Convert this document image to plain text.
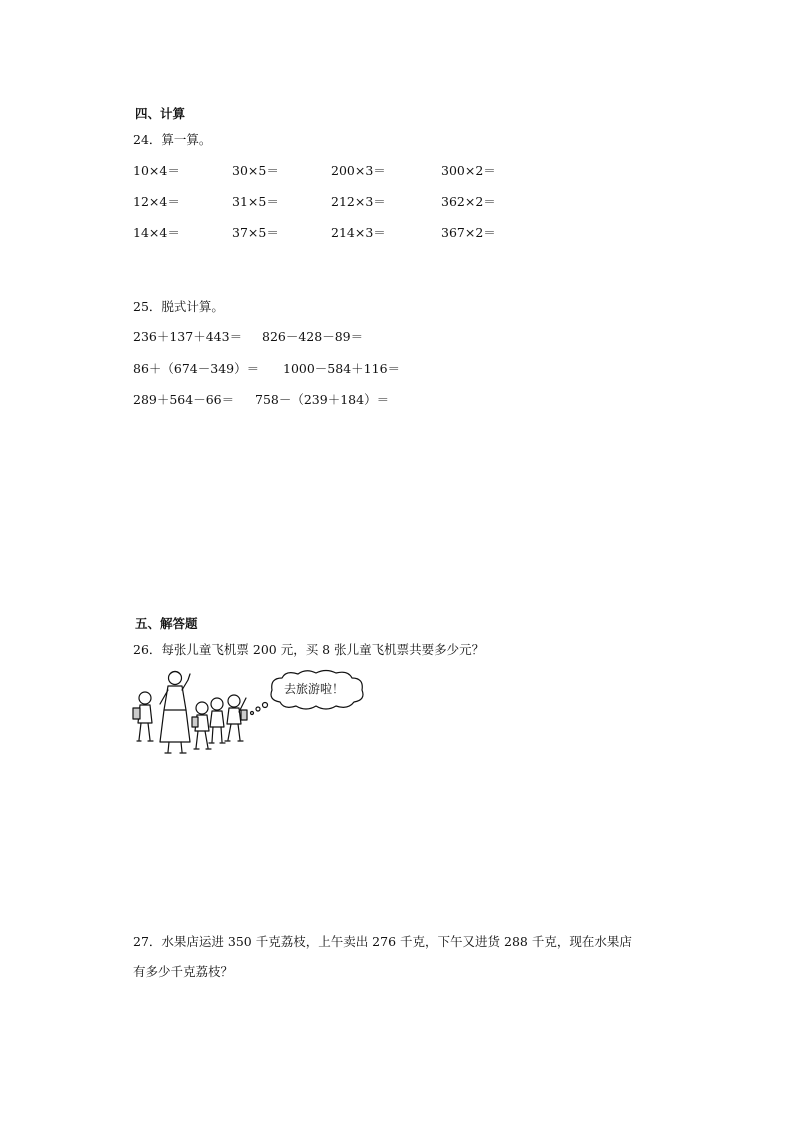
四、计算
24．算一算。
10×4＝	30×5＝	200×3＝	300×2＝
12×4＝	31×5＝	212×3＝	362×2＝
14×4＝	37×5＝	214×3＝	367×2＝
25．脱式计算。
236＋137＋443＝ 826－428－89＝
86＋（674－349）＝ 1000－584＋116＝
289＋564－66＝ 758－（239＋184）＝
五、解答题
26．每张儿童飞机票 200 元，买 8 张儿童飞机票共要多少元？
去旅游啦！
27．水果店运进 350 千克荔枝，上午卖出 276 千克，下午又进货 288 千克，现在水果店
有多少千克荔枝？
